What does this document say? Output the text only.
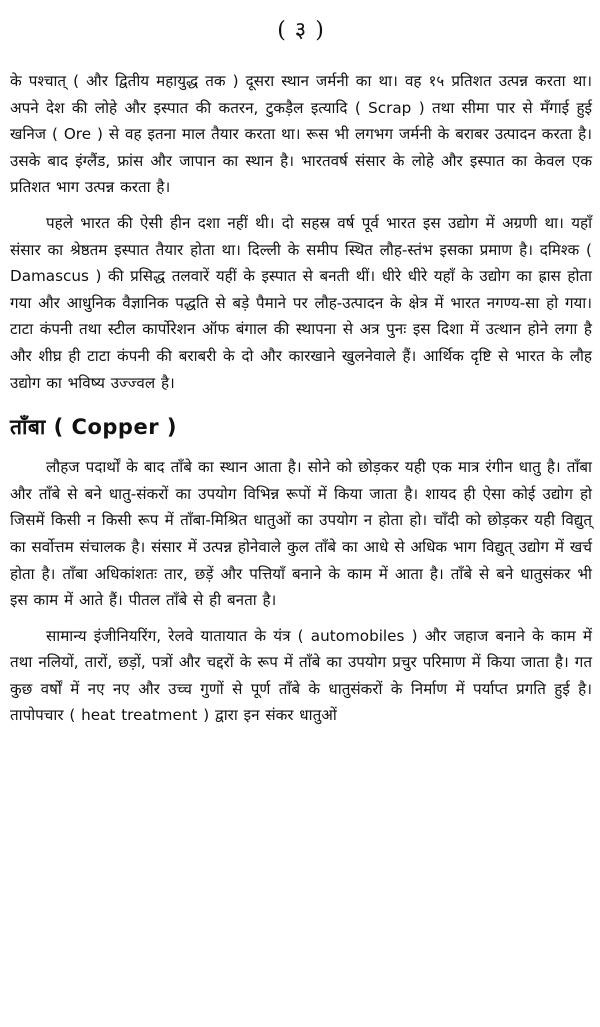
( ३ )

के पश्चात् ( और द्वितीय महायुद्ध तक ) दूसरा स्थान जर्मनी का था। वह १५ प्रतिशत उत्पन्न करता था। अपने देश की लोहे और इस्पात की कतरन, टुकड़ैल इत्यादि ( Scrap ) तथा सीमा पार से मँगाई हुई खनिज ( Ore ) से वह इतना माल तैयार करता था। रूस भी लगभग जर्मनी के बराबर उत्पादन करता है। उसके बाद इंग्लैंड, फ्रांस और जापान का स्थान है। भारतवर्ष संसार के लोहे और इस्पात का केवल एक प्रतिशत भाग उत्पन्न करता है।

पहले भारत की ऐसी हीन दशा नहीं थी। दो सहस्र वर्ष पूर्व भारत इस उद्योग में अग्रणी था। यहाँ संसार का श्रेष्ठतम इस्पात तैयार होता था। दिल्ली के समीप स्थित लौह-स्तंभ इसका प्रमाण है। दमिश्क ( Damascus ) की प्रसिद्ध तलवारें यहीं के इस्पात से बनती थीं। धीरे धीरे यहाँ के उद्योग का ह्रास होता गया और आधुनिक वैज्ञानिक पद्धति से बड़े पैमाने पर लौह-उत्पादन के क्षेत्र में भारत नगण्य-सा हो गया। टाटा कंपनी तथा स्टील कार्पोरेशन ऑफ बंगाल की स्थापना से अत्र पुनः इस दिशा में उत्थान होने लगा है और शीघ्र ही टाटा कंपनी की बराबरी के दो और कारखाने खुलनेवाले हैं। आर्थिक दृष्टि से भारत के लौह उद्योग का भविष्य उज्ज्वल है।

ताँबा ( Copper )

लौहज पदार्थों के बाद ताँबे का स्थान आता है। सोने को छोड़कर यही एक मात्र रंगीन धातु है। ताँबा और ताँबे से बने धातु-संकरों का उपयोग विभिन्न रूपों में किया जाता है। शायद ही ऐसा कोई उद्योग हो जिसमें किसी न किसी रूप में ताँबा-मिश्रित धातुओं का उपयोग न होता हो। चाँदी को छोड़कर यही विद्युत् का सर्वोत्तम संचालक है। संसार में उत्पन्न होनेवाले कुल ताँबे का आधे से अधिक भाग विद्युत् उद्योग में खर्च होता है। ताँबा अधिकांशतः तार, छड़ें और पत्तियाँ बनाने के काम में आता है। ताँबे से बने धातुसंकर भी इस काम में आते हैं। पीतल ताँबे से ही बनता है।

सामान्य इंजीनियरिंग, रेलवे यातायात के यंत्र ( automobiles ) और जहाज बनाने के काम में तथा नलियों, तारों, छड़ों, पत्रों और चद्दरों के रूप में ताँबे का उपयोग प्रचुर परिमाण में किया जाता है। गत कुछ वर्षों में नए नए और उच्च गुणों से पूर्ण ताँबे के धातुसंकरों के निर्माण में पर्याप्त प्रगति हुई है। तापोपचार ( heat treatment ) द्वारा इन संकर धातुओं
